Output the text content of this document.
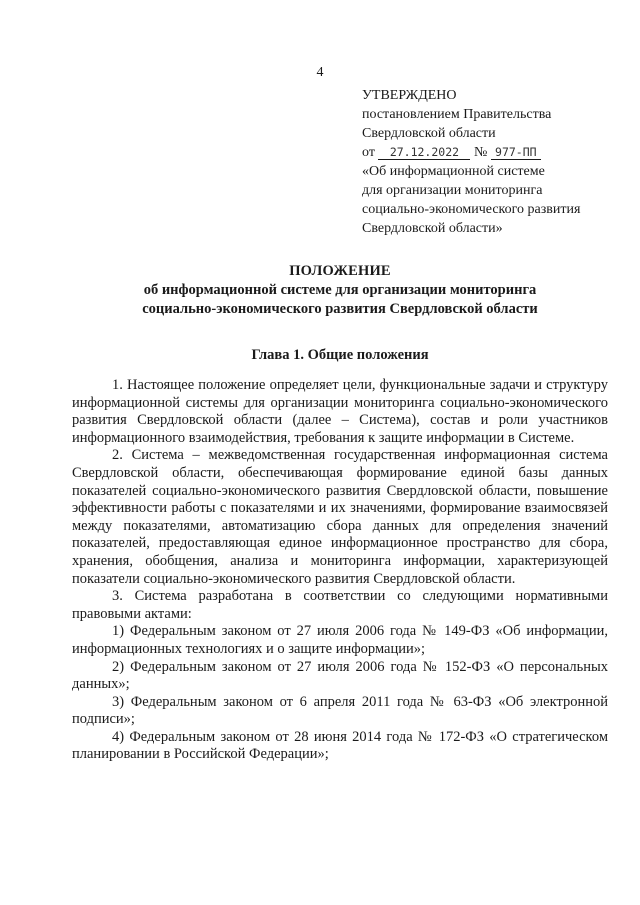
4
УТВЕРЖДЕНО
постановлением Правительства
Свердловской области
от 27.12.2022 № 977-ПП
«Об информационной системе
для организации мониторинга
социально-экономического развития
Свердловской области»
ПОЛОЖЕНИЕ
об информационной системе для организации мониторинга
социально-экономического развития Свердловской области
Глава 1. Общие положения

1. Настоящее положение определяет цели, функциональные задачи и структуру информационной системы для организации мониторинга социально-экономического развития Свердловской области (далее – Система), состав и роли участников информационного взаимодействия, требования к защите информации в Системе.

2. Система – межведомственная государственная информационная система Свердловской области, обеспечивающая формирование единой базы данных показателей социально-экономического развития Свердловской области, повышение эффективности работы с показателями и их значениями, формирование взаимосвязей между показателями, автоматизацию сбора данных для определения значений показателей, предоставляющая единое информационное пространство для сбора, хранения, обобщения, анализа и мониторинга информации, характеризующей показатели социально-экономического развития Свердловской области.

3. Система разработана в соответствии со следующими нормативными правовыми актами:

1) Федеральным законом от 27 июля 2006 года № 149-ФЗ «Об информации, информационных технологиях и о защите информации»;

2) Федеральным законом от 27 июля 2006 года № 152-ФЗ «О персональных данных»;

3) Федеральным законом от 6 апреля 2011 года № 63-ФЗ «Об электронной подписи»;

4) Федеральным законом от 28 июня 2014 года № 172-ФЗ «О стратегическом планировании в Российской Федерации»;
